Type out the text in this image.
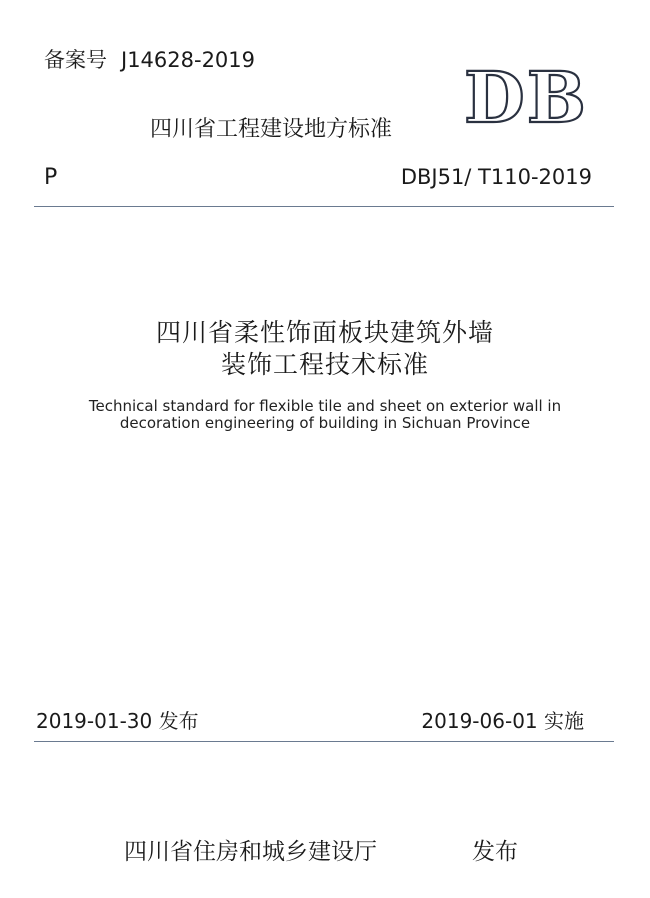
备案号 J14628-2019
四川省工程建设地方标准 DB
P	DBJ51/ T110-2019
四川省柔性饰面板块建筑外墙
装饰工程技术标准
Technical standard for flexible tile and sheet on exterior wall in
decoration engineering of building in Sichuan Province
2019-01-30 发布	2019-06-01 实施
四川省住房和城乡建设厅	发布
